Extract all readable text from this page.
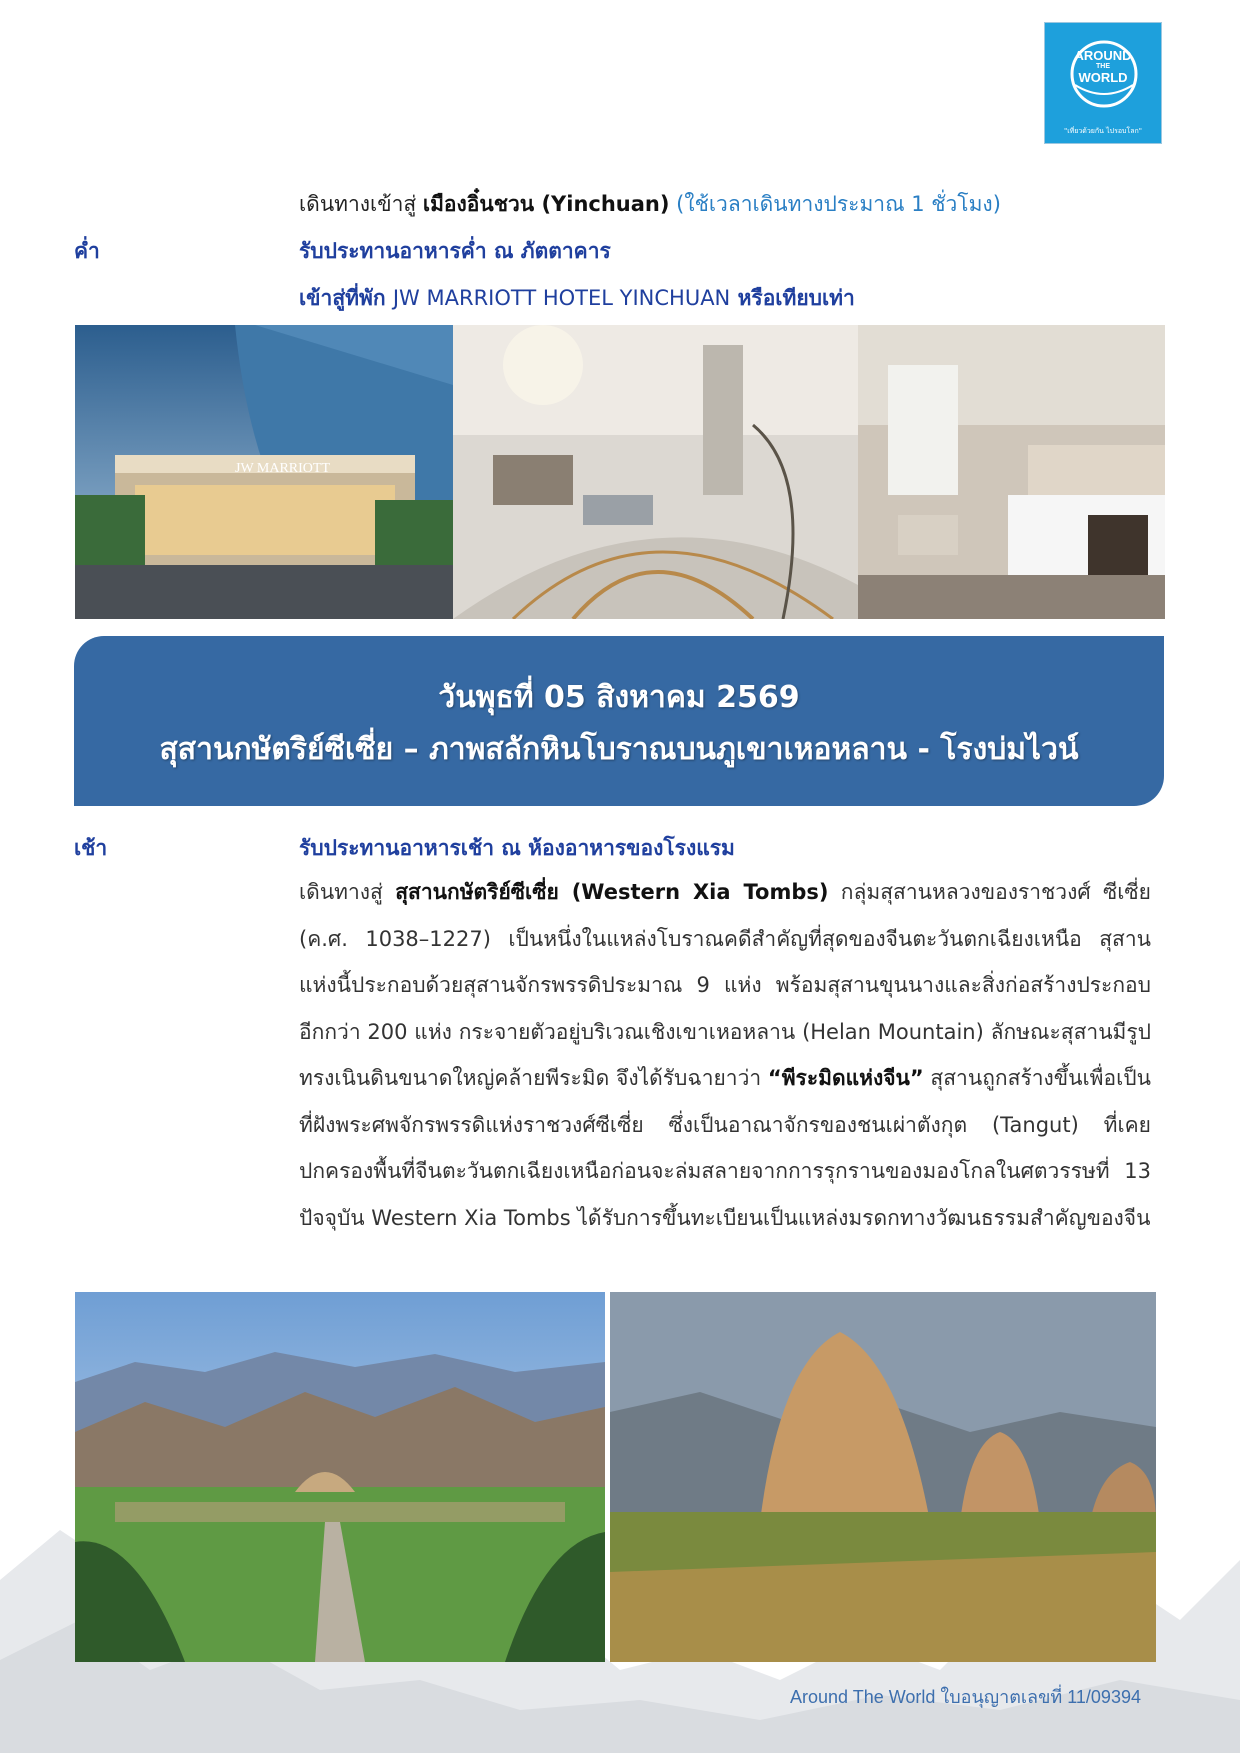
AROUND
THE
WORLD
"เที่ยวด้วยกัน ไปรอบโลก"
เดินทางเข้าสู่ เมืองอิ๋นชวน (Yinchuan) (ใช้เวลาเดินทางประมาณ 1 ชั่วโมง)
ค่ำ	รับประทานอาหารค่ำ ณ ภัตตาคาร
เข้าสู่ที่พัก JW MARRIOTT HOTEL YINCHUAN หรือเทียบเท่า
JW MARRIOTT
วันพุธที่ 05 สิงหาคม 2569
สุสานกษัตริย์ซีเซี่ย – ภาพสลักหินโบราณบนภูเขาเหอหลาน - โรงบ่มไวน์
เช้า	รับประทานอาหารเช้า ณ ห้องอาหารของโรงแรม
เดินทางสู่ สุสานกษัตริย์ซีเซี่ย (Western Xia Tombs) กลุ่มสุสานหลวงของราชวงศ์ ซีเซี่ย (ค.ศ. 1038–1227) เป็นหนึ่งในแหล่งโบราณคดีสำคัญที่สุดของจีนตะวันตกเฉียงเหนือ สุสานแห่งนี้ประกอบด้วยสุสานจักรพรรดิประมาณ 9 แห่ง พร้อมสุสานขุนนางและสิ่งก่อสร้างประกอบอีกกว่า 200 แห่ง กระจายตัวอยู่บริเวณเชิงเขาเหอหลาน (Helan Mountain) ลักษณะสุสานมีรูปทรงเนินดินขนาดใหญ่คล้ายพีระมิด จึงได้รับฉายาว่า “พีระมิดแห่งจีน” สุสานถูกสร้างขึ้นเพื่อเป็นที่ฝังพระศพจักรพรรดิแห่งราชวงศ์ซีเซี่ย ซึ่งเป็นอาณาจักรของชนเผ่าตังกุต (Tangut) ที่เคยปกครองพื้นที่จีนตะวันตกเฉียงเหนือก่อนจะล่มสลายจากการรุกรานของมองโกลในศตวรรษที่ 13 ปัจจุบัน Western Xia Tombs ได้รับการขึ้นทะเบียนเป็นแหล่งมรดกทางวัฒนธรรมสำคัญของจีน
Around The World ใบอนุญาตเลขที่ 11/09394
